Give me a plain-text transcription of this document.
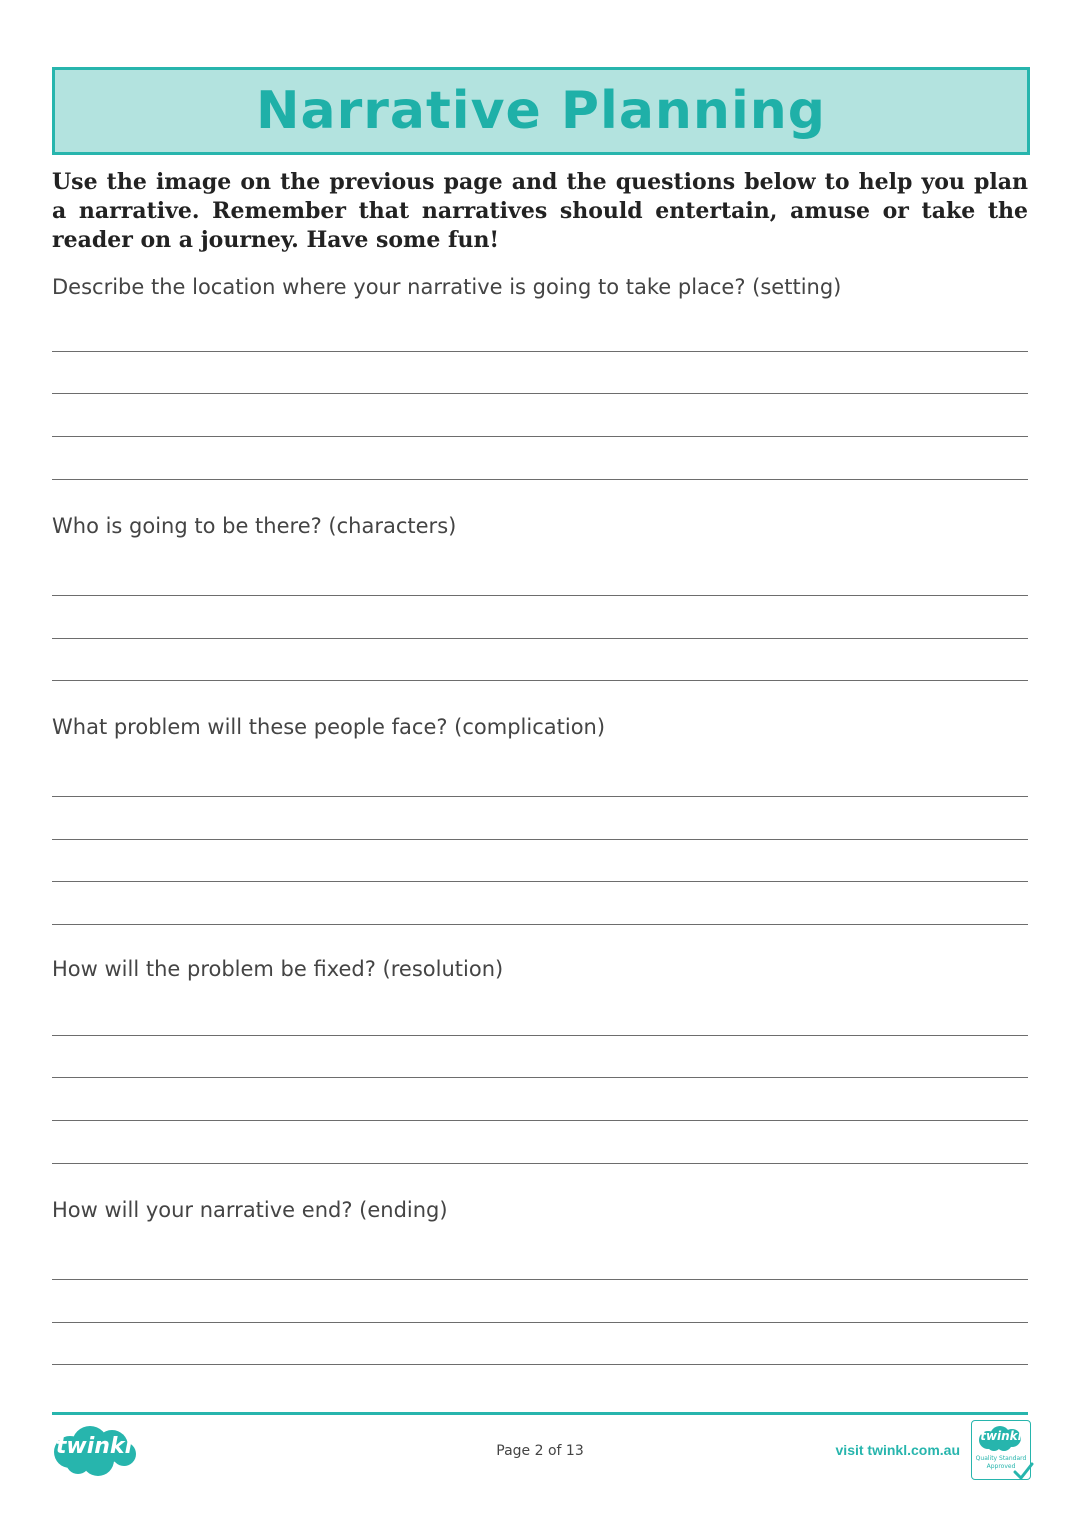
Narrative Planning
Use the image on the previous page and the questions below to help you plan a narrative. Remember that narratives should entertain, amuse or take the reader on a journey. Have some fun!
Describe the location where your narrative is going to take place? (setting)
Who is going to be there? (characters)
What problem will these people face? (complication)
How will the problem be fixed? (resolution)
How will your narrative end? (ending)
twinkl	Page 2 of 13	visit twinkl.com.au
twinkl
Quality Standard Approved
